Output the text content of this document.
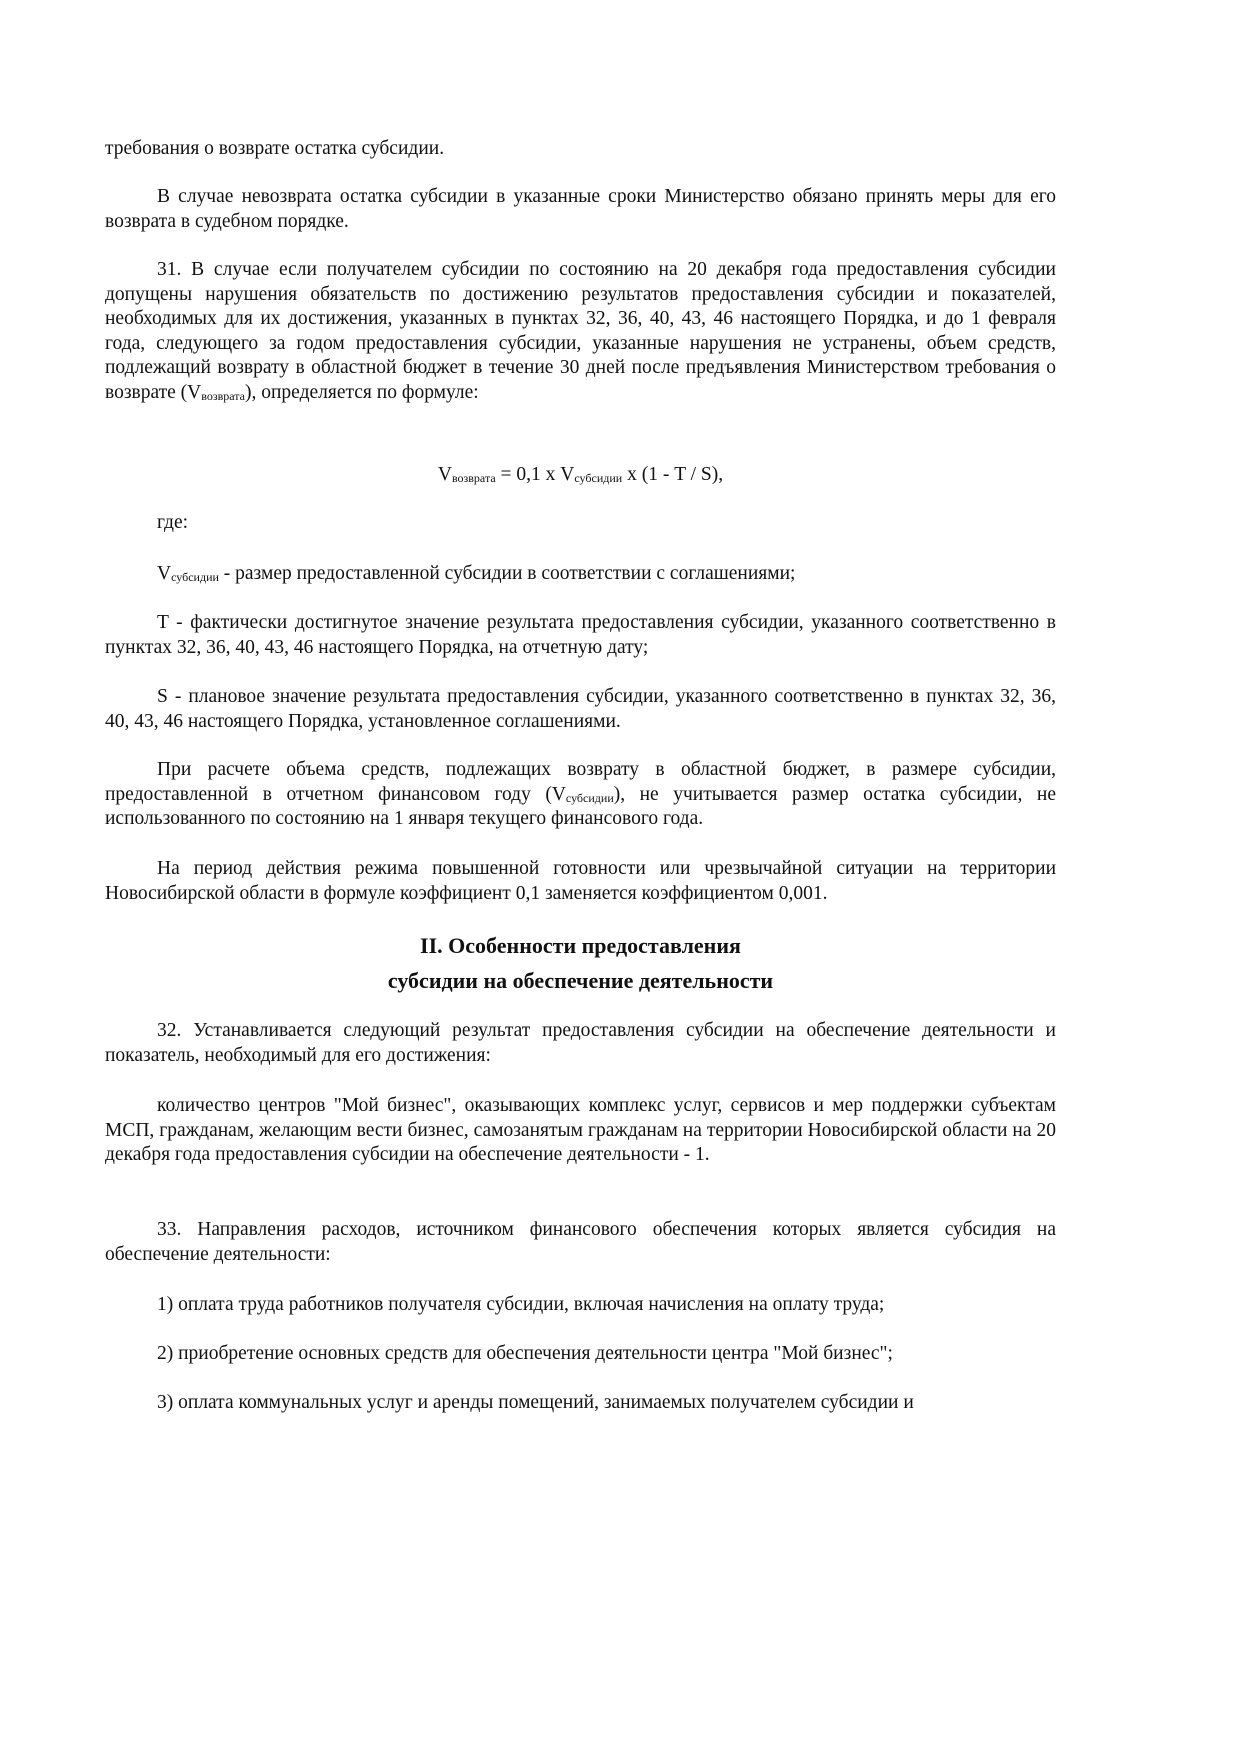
требования о возврате остатка субсидии.

В случае невозврата остатка субсидии в указанные сроки Министерство обязано принять меры для его возврата в судебном порядке.

31. В случае если получателем субсидии по состоянию на 20 декабря года предоставления субсидии допущены нарушения обязательств по достижению результатов предоставления субсидии и показателей, необходимых для их достижения, указанных в пунктах 32, 36, 40, 43, 46 настоящего Порядка, и до 1 февраля года, следующего за годом предоставления субсидии, указанные нарушения не устранены, объем средств, подлежащий возврату в областной бюджет в течение 30 дней после предъявления Министерством требования о возврате $(V_{возврата})$, определяется по формуле:

$V_{возврата} = 0,1$ х $V_{субсидии}$ х (1 - T / S),

где:

$V_{субсидии}$ - размер предоставленной субсидии в соответствии с соглашениями;

T - фактически достигнутое значение результата предоставления субсидии, указанного соответственно в пунктах 32, 36, 40, 43, 46 настоящего Порядка, на отчетную дату;

S - плановое значение результата предоставления субсидии, указанного соответственно в пунктах 32, 36, 40, 43, 46 настоящего Порядка, установленное соглашениями.

При расчете объема средств, подлежащих возврату в областной бюджет, в размере субсидии, предоставленной в отчетном финансовом году $(V_{субсидии})$, не учитывается размер остатка субсидии, не использованного по состоянию на 1 января текущего финансового года.

На период действия режима повышенной готовности или чрезвычайной ситуации на территории Новосибирской области в формуле коэффициент 0,1 заменяется коэффициентом 0,001.

II. Особенности предоставления
субсидии на обеспечение деятельности

32. Устанавливается следующий результат предоставления субсидии на обеспечение деятельности и показатель, необходимый для его достижения:

количество центров "Мой бизнес", оказывающих комплекс услуг, сервисов и мер поддержки субъектам МСП, гражданам, желающим вести бизнес, самозанятым гражданам на территории Новосибирской области на 20 декабря года предоставления субсидии на обеспечение деятельности - 1.

33. Направления расходов, источником финансового обеспечения которых является субсидия на обеспечение деятельности:

1) оплата труда работников получателя субсидии, включая начисления на оплату труда;

2) приобретение основных средств для обеспечения деятельности центра "Мой бизнес";

3) оплата коммунальных услуг и аренды помещений, занимаемых получателем субсидии и
